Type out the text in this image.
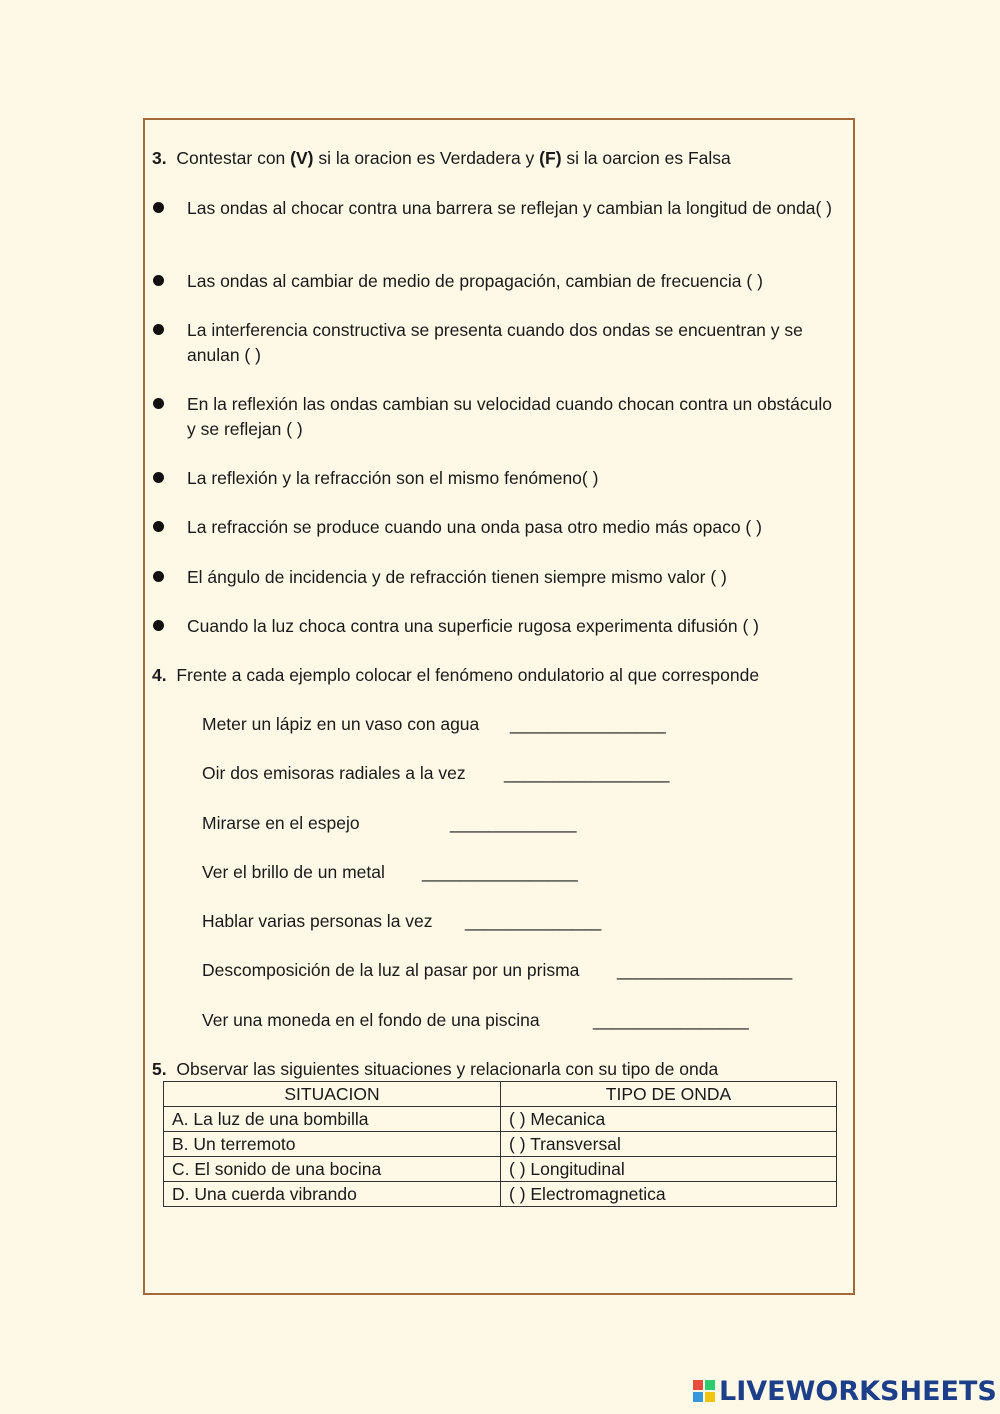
3. Contestar con (V) si la oracion es Verdadera y (F) si la oarcion es Falsa
Las ondas al chocar contra una barrera se reflejan y cambian la longitud de onda( )
Las ondas al cambiar de medio de propagación, cambian de frecuencia ( )
La interferencia constructiva se presenta cuando dos ondas se encuentran y se anulan ( )
En la reflexión las ondas cambian su velocidad cuando chocan contra un obstáculo y se reflejan ( )
La reflexión y la refracción son el mismo fenómeno( )
La refracción se produce cuando una onda pasa otro medio más opaco ( )
El ángulo de incidencia y de refracción tienen siempre mismo valor ( )
Cuando la luz choca contra una superficie rugosa experimenta difusión ( )
4. Frente a cada ejemplo colocar el fenómeno ondulatorio al que corresponde
Meter un lápiz en un vaso con agua ________________
Oir dos emisoras radiales a la vez _________________
Mirarse en el espejo	_____________
Ver el brillo de un metal ________________
Hablar varias personas la vez ______________
Descomposición de la luz al pasar por un prisma __________________
Ver una moneda en el fondo de una piscina	________________
5. Observar las siguientes situaciones y relacionarla con su tipo de onda
SITUACION	TIPO DE ONDA
A. La luz de una bombilla	( ) Mecanica
B. Un terremoto	( ) Transversal
C. El sonido de una bocina	( ) Longitudinal
D. Una cuerda vibrando	( ) Electromagnetica
LIVEWORKSHEETS
